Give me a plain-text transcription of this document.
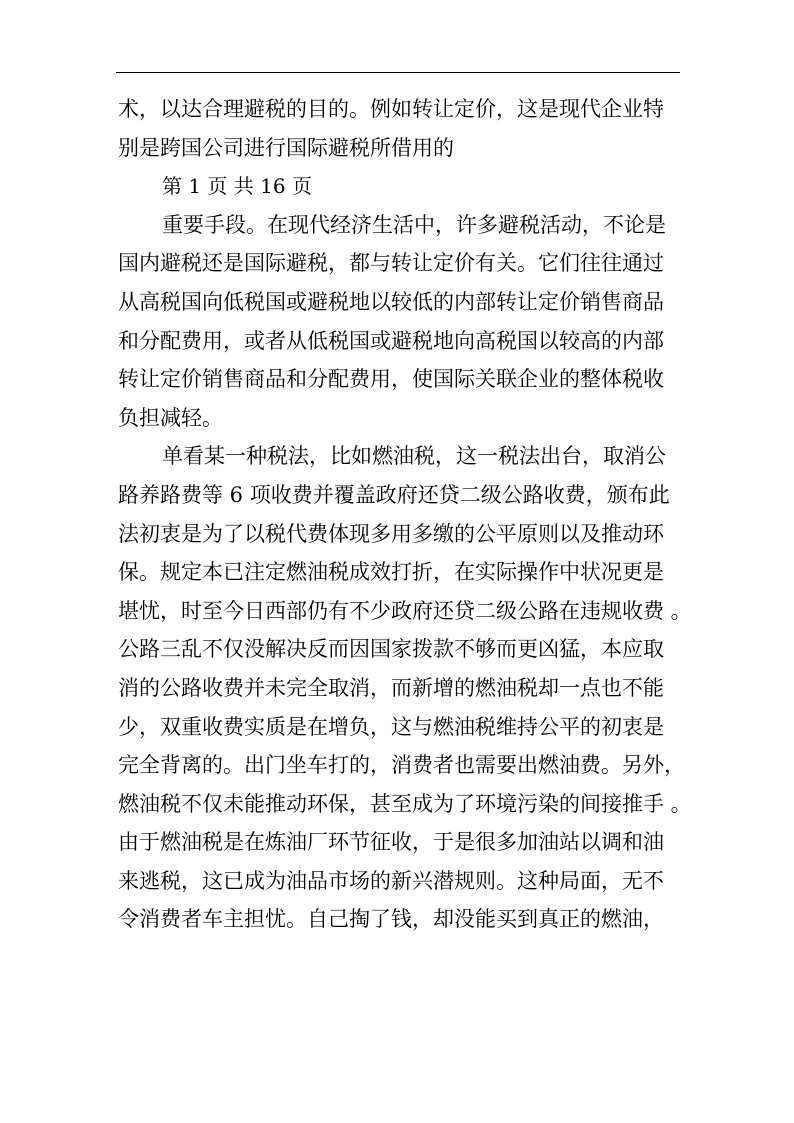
术，以达合理避税的目的。例如转让定价，这是现代企业特
别是跨国公司进行国际避税所借用的
第 1 页 共 16 页
重要手段。在现代经济生活中，许多避税活动，不论是
国内避税还是国际避税，都与转让定价有关。它们往往通过
从高税国向低税国或避税地以较低的内部转让定价销售商品
和分配费用，或者从低税国或避税地向高税国以较高的内部
转让定价销售商品和分配费用，使国际关联企业的整体税收
负担减轻。
单看某一种税法，比如燃油税，这一税法出台，取消公
路养路费等 6 项收费并覆盖政府还贷二级公路收费，颁布此
法初衷是为了以税代费体现多用多缴的公平原则以及推动环
保。规定本已注定燃油税成效打折，在实际操作中状况更是
堪忧，时至今日西部仍有不少政府还贷二级公路在违规收费 。
公路三乱不仅没解决反而因国家拨款不够而更凶猛，本应取
消的公路收费并未完全取消，而新增的燃油税却一点也不能
少，双重收费实质是在增负，这与燃油税维持公平的初衷是
完全背离的。出门坐车打的，消费者也需要出燃油费。另外，
燃油税不仅未能推动环保，甚至成为了环境污染的间接推手 。
由于燃油税是在炼油厂环节征收，于是很多加油站以调和油
来逃税，这已成为油品市场的新兴潜规则。这种局面，无不
令消费者车主担忧。自己掏了钱，却没能买到真正的燃油，
